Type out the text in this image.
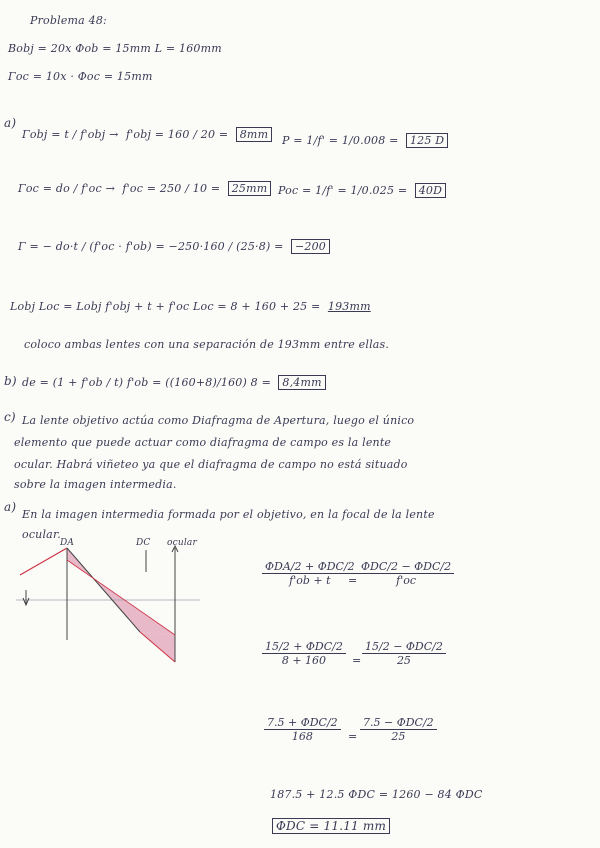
Problema 48:
Bobj = 20x Φob = 15mm L = 160mm
Γoc = 10x · Φoc = 15mm
a)
Γobj = t / f'obj → f'obj = 160 / 20 = 8mm	P = 1/f' = 1/0.008 = 125 D
Γoc = do / f'oc → f'oc = 250 / 10 = 25mm Poc = 1/f' = 1/0.025 = 40D
Γ = − do·t / (f'oc · f'ob) = −250·160 / (25·8) = −200
Lobj Loc = Lobj f'obj + t + f'oc Loc = 8 + 160 + 25 = 193mm
coloco ambas lentes con una separación de 193mm entre ellas.
b) de = (1 + f'ob / t) f'ob = ((160+8)/160) 8 = 8,4mm
c) La lente objetivo actúa como Diafragma de Apertura, luego el único
elemento que puede actuar como diafragma de campo es la lente
ocular. Habrá viñeteo ya que el diafragma de campo no está situado
sobre la imagen intermedia.
a)
En la imagen intermedia formada por el objetivo, en la focal de la lente
ocular.
DA	DC ocular
ΦDA/2 + ΦDC/2
f'ob + t	=
ΦDC/2 − ΦDC/2
f'oc
15/2 + ΦDC/2
8 + 160	=
15/2 − ΦDC/2
25
7.5 + ΦDC/2
168	=
7.5 − ΦDC/2
25
187.5 + 12.5 ΦDC = 1260 − 84 ΦDC
ΦDC = 11.11 mm
